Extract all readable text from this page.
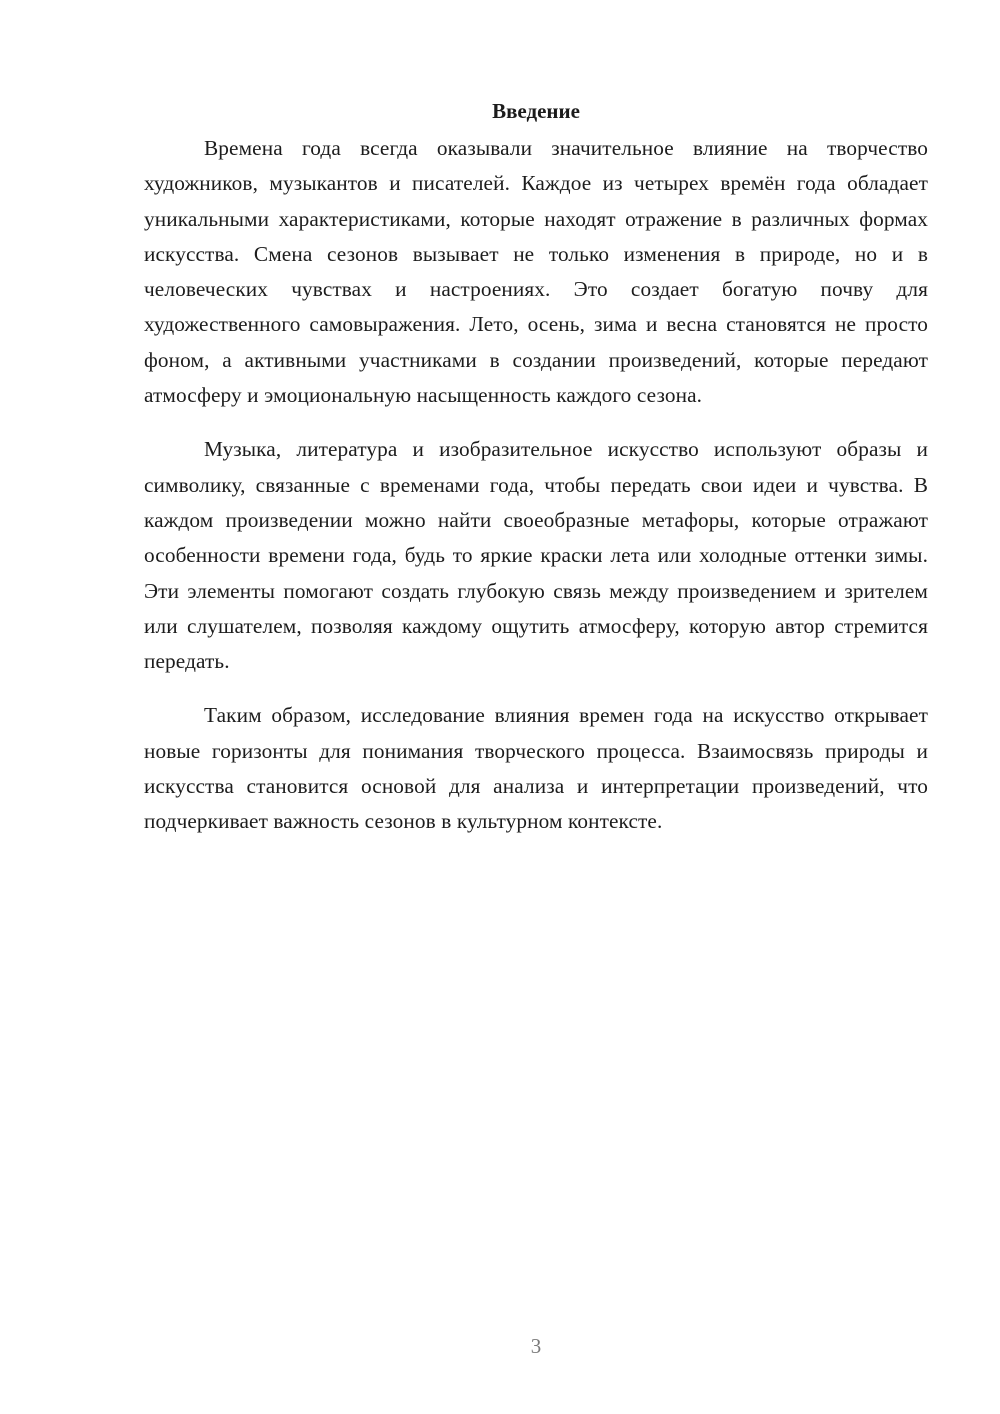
Введение

Времена года всегда оказывали значительное влияние на творчество художников, музыкантов и писателей. Каждое из четырех времён года обладает уникальными характеристиками, которые находят отражение в различных формах искусства. Смена сезонов вызывает не только изменения в природе, но и в человеческих чувствах и настроениях. Это создает богатую почву для художественного самовыражения. Лето, осень, зима и весна становятся не просто фоном, а активными участниками в создании произведений, которые передают атмосферу и эмоциональную насыщенность каждого сезона.

Музыка, литература и изобразительное искусство используют образы и символику, связанные с временами года, чтобы передать свои идеи и чувства. В каждом произведении можно найти своеобразные метафоры, которые отражают особенности времени года, будь то яркие краски лета или холодные оттенки зимы. Эти элементы помогают создать глубокую связь между произведением и зрителем или слушателем, позволяя каждому ощутить атмосферу, которую автор стремится передать.

Таким образом, исследование влияния времен года на искусство открывает новые горизонты для понимания творческого процесса. Взаимосвязь природы и искусства становится основой для анализа и интерпретации произведений, что подчеркивает важность сезонов в культурном контексте.

3
